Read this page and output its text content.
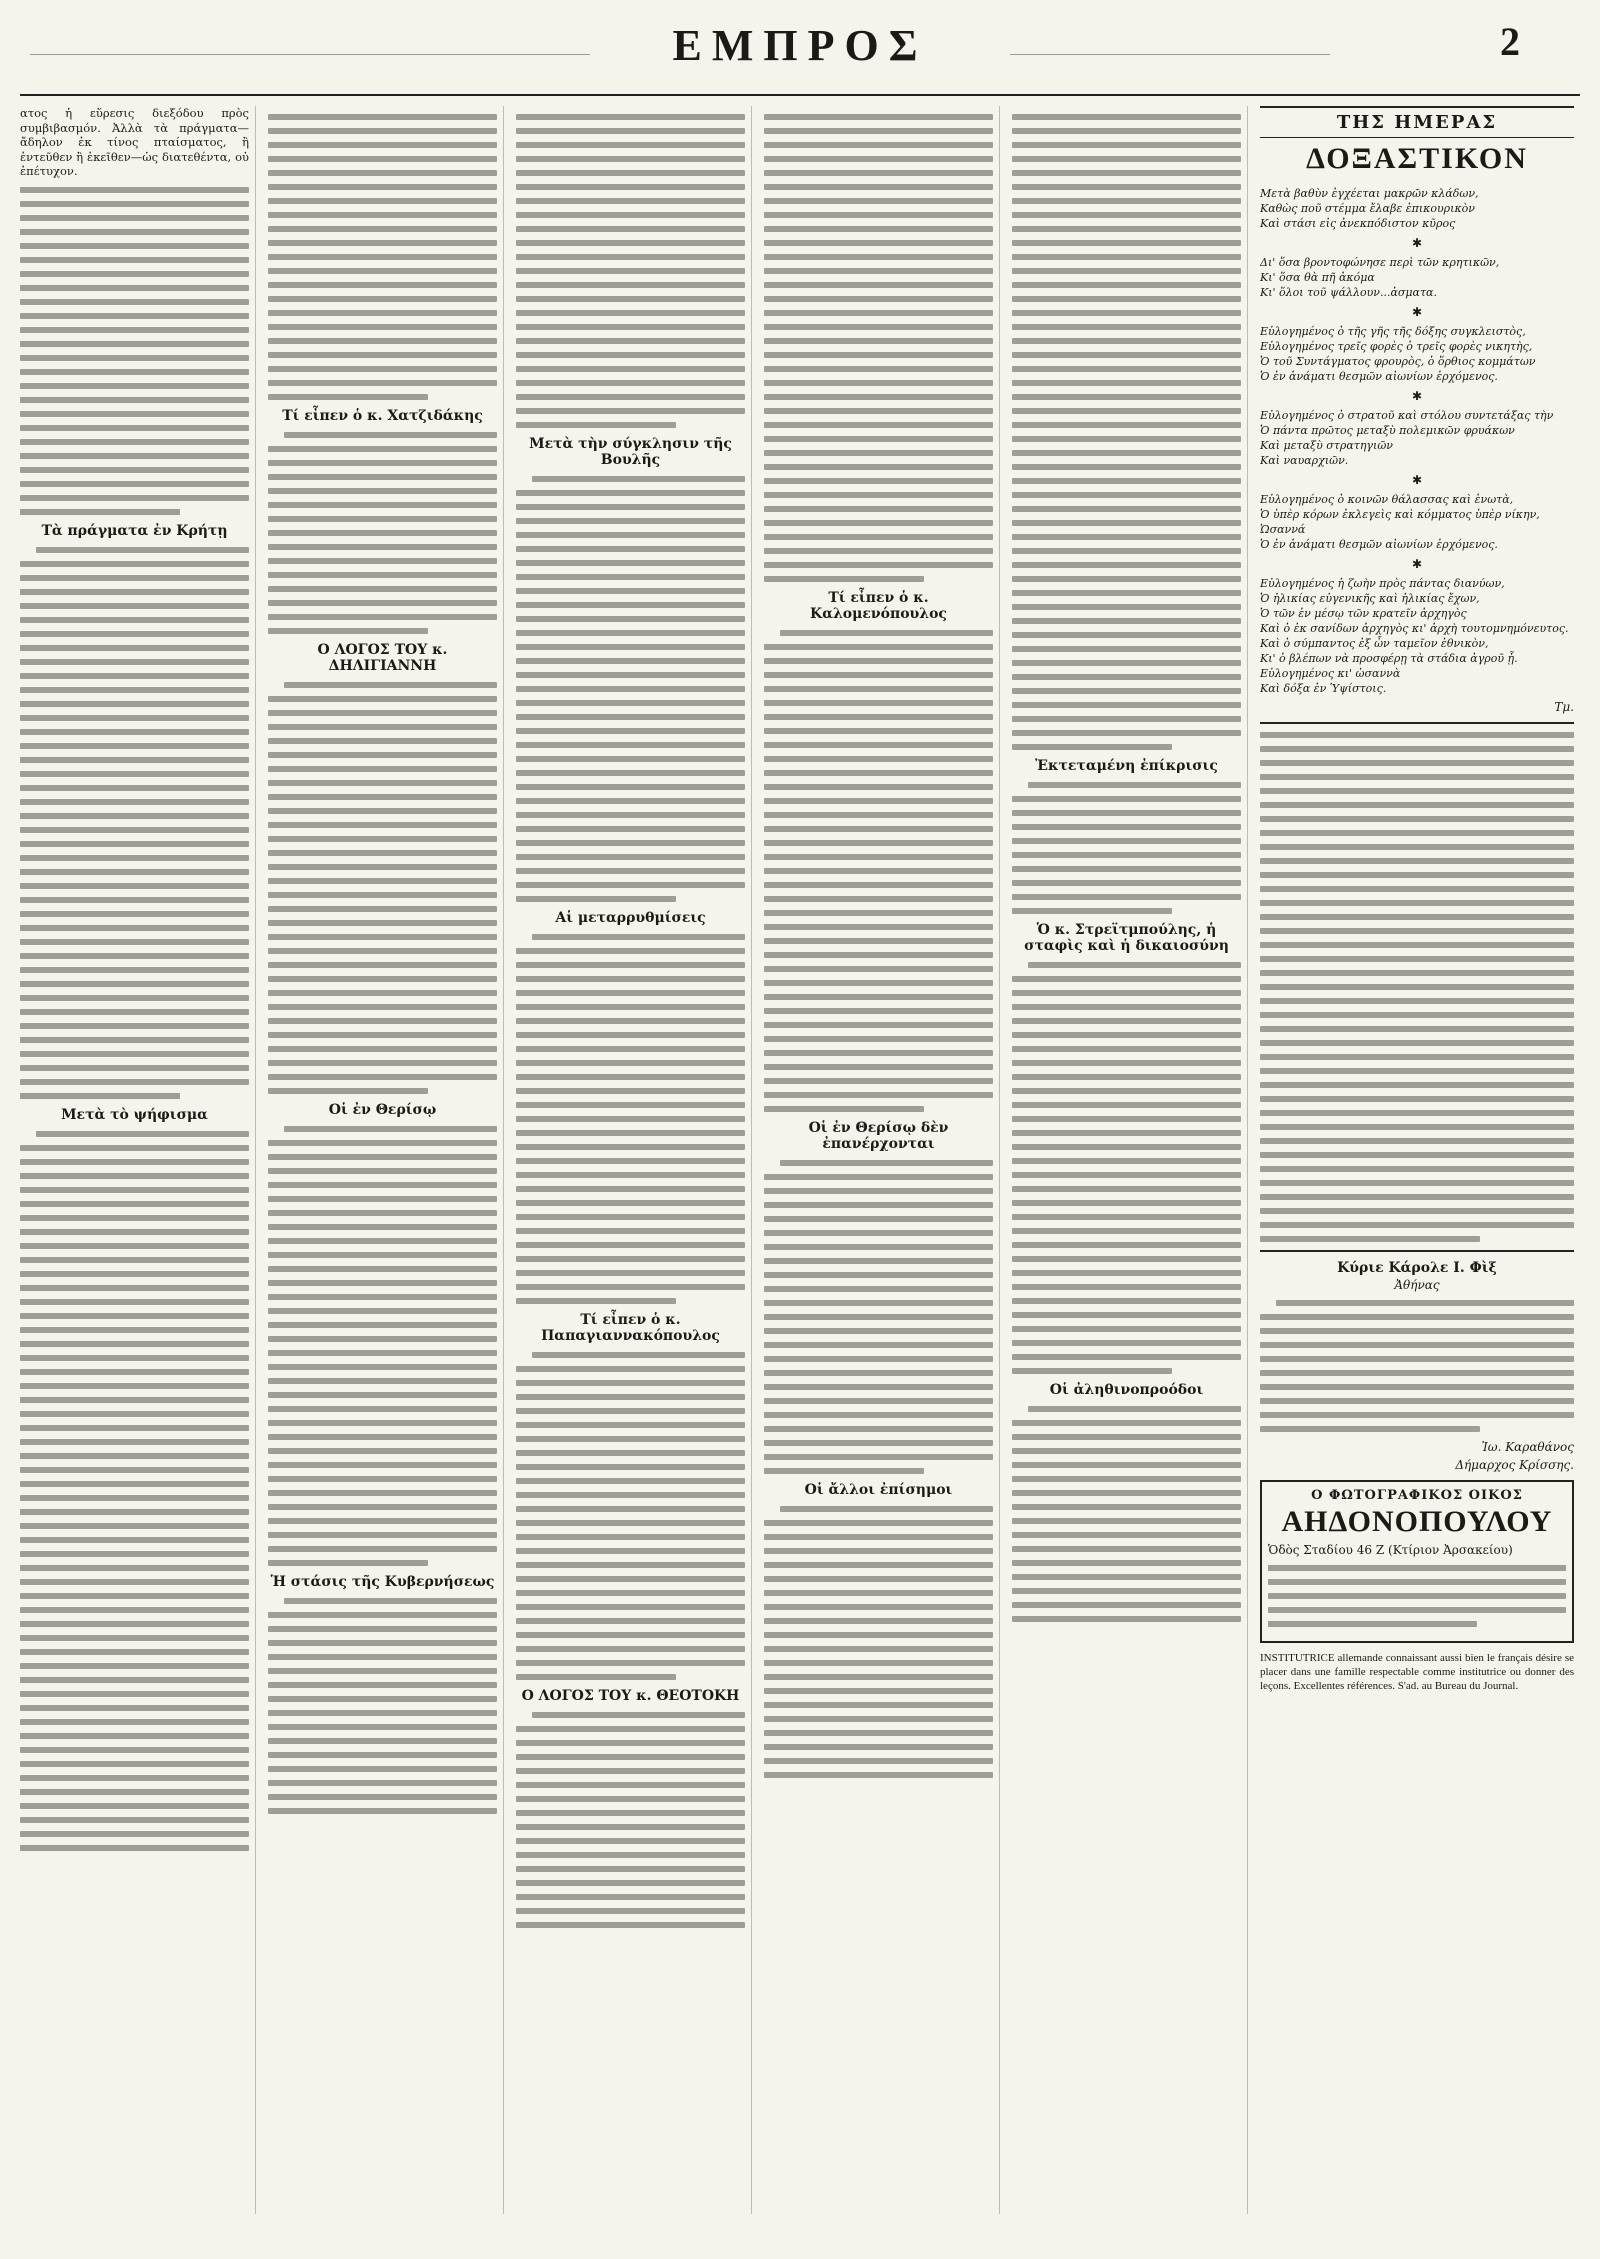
ΕΜΠΡΟΣ	2

ατος ἡ εὕρεσις διεξόδου πρὸς συμβιβασμόν. Ἀλλὰ τὰ πράγματα—ἄδηλον ἐκ τίνος πταίσματος, ἢ ἐντεῦθεν ἢ ἐκεῖθεν—ὡς διατεθέντα, οὐ ἐπέτυχον.

Τὰ πράγματα ἐν Κρήτῃ
Μετὰ τὸ ψήφισμα
Τί εἶπεν ὁ κ. Χατζιδάκης
Ο ΛΟΓΟΣ ΤΟΥ κ. ΔΗΛΙΓΙΑΝΝΗ
Οἱ ἐν Θερίσῳ
Ἡ στάσις τῆς Κυβερνήσεως
Μετὰ τὴν σύγκλησιν τῆς Βουλῆς
Αἱ μεταρρυθμίσεις
Τί εἶπεν ὁ κ. Παπαγιαννακόπουλος
Ο ΛΟΓΟΣ ΤΟΥ κ. ΘΕΟΤΟΚΗ
Τί εἶπεν ὁ κ. Καλομενόπουλος
Οἱ ἐν Θερίσῳ δὲν ἐπανέρχονται
Οἱ ἄλλοι ἐπίσημοι
Ἐκτεταμένη ἐπίκρισις
Ὁ κ. Στρεϊτμπούλης, ἡ σταφὶς καὶ ἡ δικαιοσύνη
Οἱ ἀληθινοπροόδοι
ΤΗΣ ΗΜΕΡΑΣ
ΔΟΞΑΣΤΙΚΟΝ

Μετὰ βαθὺν ἐγχέεται μακρῶν κλάδων,

Καθὼς ποῦ στέμμα ἔλαβε ἐπικουρικὸν

Καὶ στάσι εἰς ἀνεκπόδιστον κῦρος

✱

Δι' ὅσα βροντοφώνησε περὶ τῶν κρητικῶν,

Κι' ὅσα θὰ πῆ ἀκόμα

Κι' ὅλοι τοῦ ψάλλουν...ἀσματα.

✱

Εὐλογημένος ὁ τῆς γῆς τῆς δόξης συγκλειστὸς,

Εὐλογημένος τρεῖς φορὲς ὁ τρεῖς φορὲς νικητὴς,

Ὁ τοῦ Συντάγματος φρουρὸς, ὁ ὅρθιος κομμάτων

Ὁ ἐν ἀνάματι θεσμῶν αἰωνίων ἐρχόμενος.

✱

Εὐλογημένος ὁ στρατοῦ καὶ στόλου συντετάξας τὴν

Ὁ πάντα πρῶτος μεταξὺ πολεμικῶν φρυάκων

Καὶ μεταξὺ στρατηγιῶν

Καὶ ναυαρχιῶν.

✱

Εὐλογημένος ὁ κοινῶν θάλασσας καὶ ἑνωτὰ,

Ὁ ὑπὲρ κόρων ἐκλεγεὶς καὶ κόμματος ὑπὲρ νίκην,

Ὡσαννά

Ὁ ἐν ἀνάματι θεσμῶν αἰωνίων ἐρχόμενος.

✱

Εὐλογημένος ἡ ζωὴν πρὸς πάντας διανύων,

Ὁ ἠλικίας εὐγενικῆς καὶ ἠλικίας ἔχων,

Ὁ τῶν ἐν μέσῳ τῶν κρατεῖν ἀρχηγὸς

Καὶ ὁ ἐκ σανίδων ἀρχηγὸς κι' ἀρχὴ τουτομνημόνευτος.

Καὶ ὁ σύμπαντος ἐξ ὦν ταμεῖον ἐθνικὸν,

Κι' ὁ βλέπων νὰ προσφέρῃ τὰ στάδια ἀγροῦ ᾖ.

Εὐλογημένος κι' ὡσαννὰ

Καὶ δόξα ἐν Ὑψίστοις.

Τμ.
Κύριε Κάρολε Ι. Φὶξ
Ἀθήνας
Ἰω. Καραθάνος
Δήμαρχος Κρίσσης.
Ο ΦΩΤΟΓΡΑΦΙΚΟΣ ΟΙΚΟΣ
ΑΗΔΟΝΟΠΟΥΛΟΥ
Ὁδὸς Σταδίου 46 Ζ (Κτίριον Ἀρσακείου)

INSTITUTRICE allemande connaissant aussi bien le français désire se placer dans une famille respectable comme institutrice ou donner des leçons. Excellentes références. S'ad. au Bureau du Journal.
